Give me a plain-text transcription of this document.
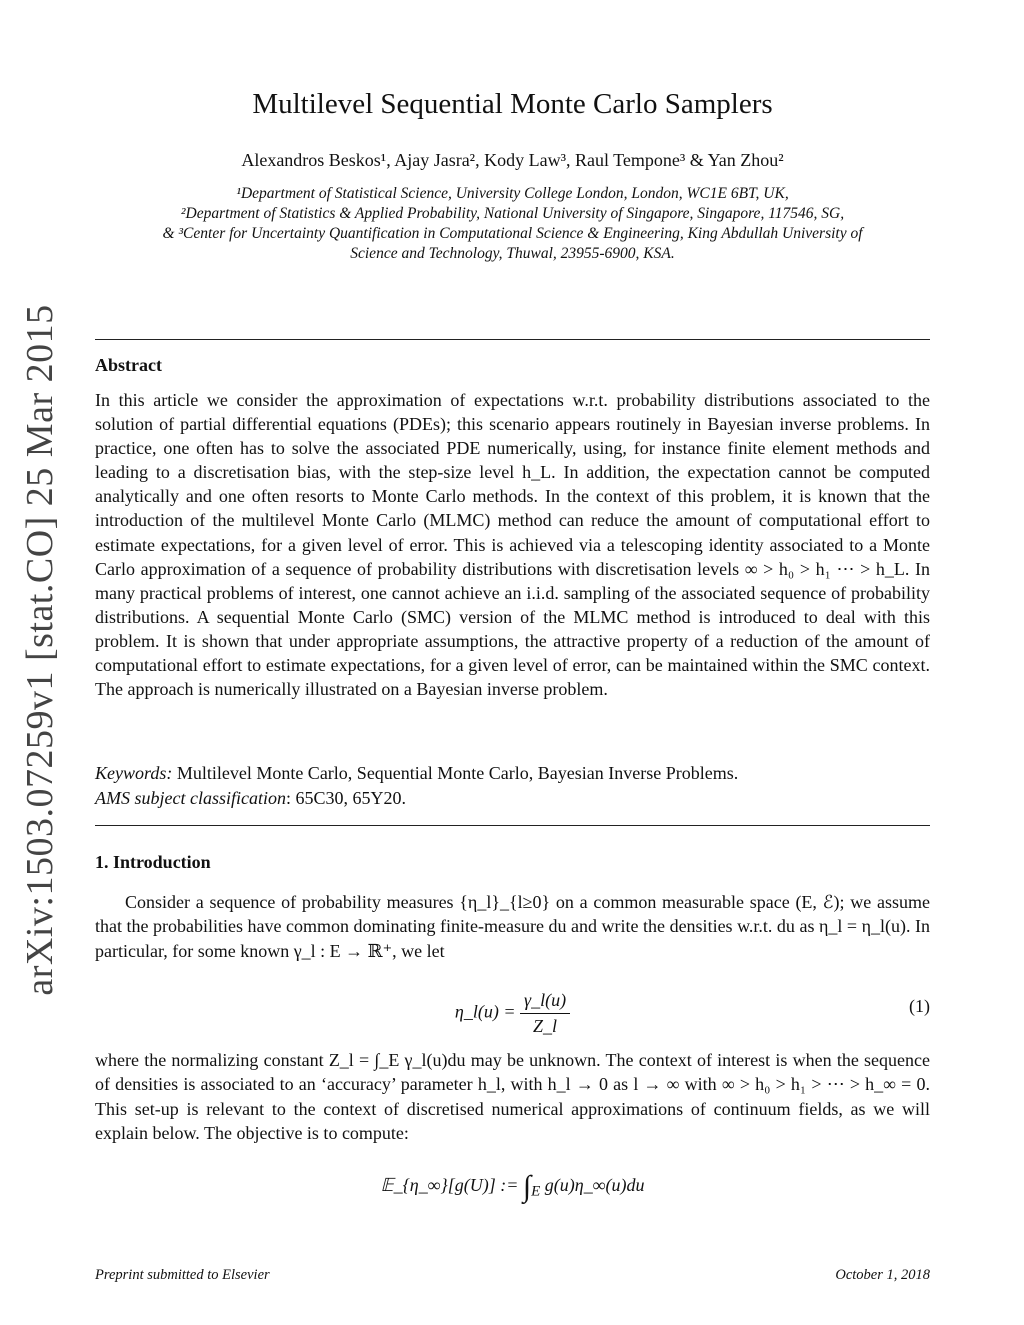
arXiv:1503.07259v1 [stat.CO] 25 Mar 2015
Multilevel Sequential Monte Carlo Samplers
Alexandros Beskos¹, Ajay Jasra², Kody Law³, Raul Tempone³ & Yan Zhou²
¹Department of Statistical Science, University College London, London, WC1E 6BT, UK,
²Department of Statistics & Applied Probability, National University of Singapore, Singapore, 117546, SG,
& ³Center for Uncertainty Quantification in Computational Science & Engineering, King Abdullah University of
Science and Technology, Thuwal, 23955-6900, KSA.
Abstract

In this article we consider the approximation of expectations w.r.t. probability distributions associated to the solution of partial differential equations (PDEs); this scenario appears routinely in Bayesian inverse problems. In practice, one often has to solve the associated PDE numerically, using, for instance finite element methods and leading to a discretisation bias, with the step-size level h_L. In addition, the expectation cannot be computed analytically and one often resorts to Monte Carlo methods. In the context of this problem, it is known that the introduction of the multilevel Monte Carlo (MLMC) method can reduce the amount of computational effort to estimate expectations, for a given level of error. This is achieved via a telescoping identity associated to a Monte Carlo approximation of a sequence of probability distributions with discretisation levels ∞ > h₀ > h₁ ⋯ > h_L. In many practical problems of interest, one cannot achieve an i.i.d. sampling of the associated sequence of probability distributions. A sequential Monte Carlo (SMC) version of the MLMC method is introduced to deal with this problem. It is shown that under appropriate assumptions, the attractive property of a reduction of the amount of computational effort to estimate expectations, for a given level of error, can be maintained within the SMC context. The approach is numerically illustrated on a Bayesian inverse problem.

Keywords: Multilevel Monte Carlo, Sequential Monte Carlo, Bayesian Inverse Problems.
AMS subject classification: 65C30, 65Y20.
1. Introduction

Consider a sequence of probability measures {η_l}_{l≥0} on a common measurable space (E, ℰ); we assume that the probabilities have common dominating finite-measure du and write the densities w.r.t. du as η_l = η_l(u). In particular, for some known γ_l : E → ℝ⁺, we let

η_l(u) = $\frac{\gamma\_l(u)}{Z\_l}$	(1)

where the normalizing constant Z_l = ∫_E γ_l(u)du may be unknown. The context of interest is when the sequence of densities is associated to an ‘accuracy’ parameter h_l, with h_l → 0 as l → ∞ with ∞ > h₀ > h₁ > ⋯ > h_∞ = 0. This set-up is relevant to the context of discretised numerical approximations of continuum fields, as we will explain below. The objective is to compute:

𝔼_{η_∞}[g(U)] := $\int_E$ g(u)η_∞(u)du
Preprint submitted to Elsevier	October 1, 2018
